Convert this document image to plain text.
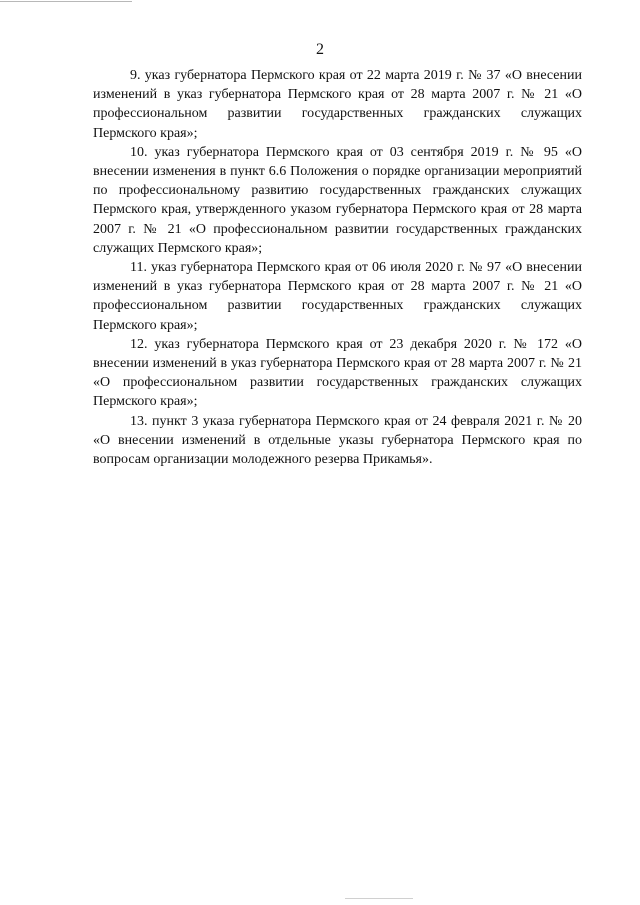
2

9. указ губернатора Пермского края от 22 марта 2019 г. № 37 «О внесении изменений в указ губернатора Пермского края от 28 марта 2007 г. № 21 «О профессиональном развитии государственных гражданских служащих Пермского края»;

10. указ губернатора Пермского края от 03 сентября 2019 г. № 95 «О внесении изменения в пункт 6.6 Положения о порядке организации мероприятий по профессиональному развитию государственных гражданских служащих Пермского края, утвержденного указом губернатора Пермского края от 28 марта 2007 г. № 21 «О профессиональном развитии государственных гражданских служащих Пермского края»;

11. указ губернатора Пермского края от 06 июля 2020 г. № 97 «О внесении изменений в указ губернатора Пермского края от 28 марта 2007 г. № 21 «О профессиональном развитии государственных гражданских служащих Пермского края»;

12. указ губернатора Пермского края от 23 декабря 2020 г. № 172 «О внесении изменений в указ губернатора Пермского края от 28 марта 2007 г. № 21 «О профессиональном развитии государственных гражданских служащих Пермского края»;

13. пункт 3 указа губернатора Пермского края от 24 февраля 2021 г. № 20 «О внесении изменений в отдельные указы губернатора Пермского края по вопросам организации молодежного резерва Прикамья».
